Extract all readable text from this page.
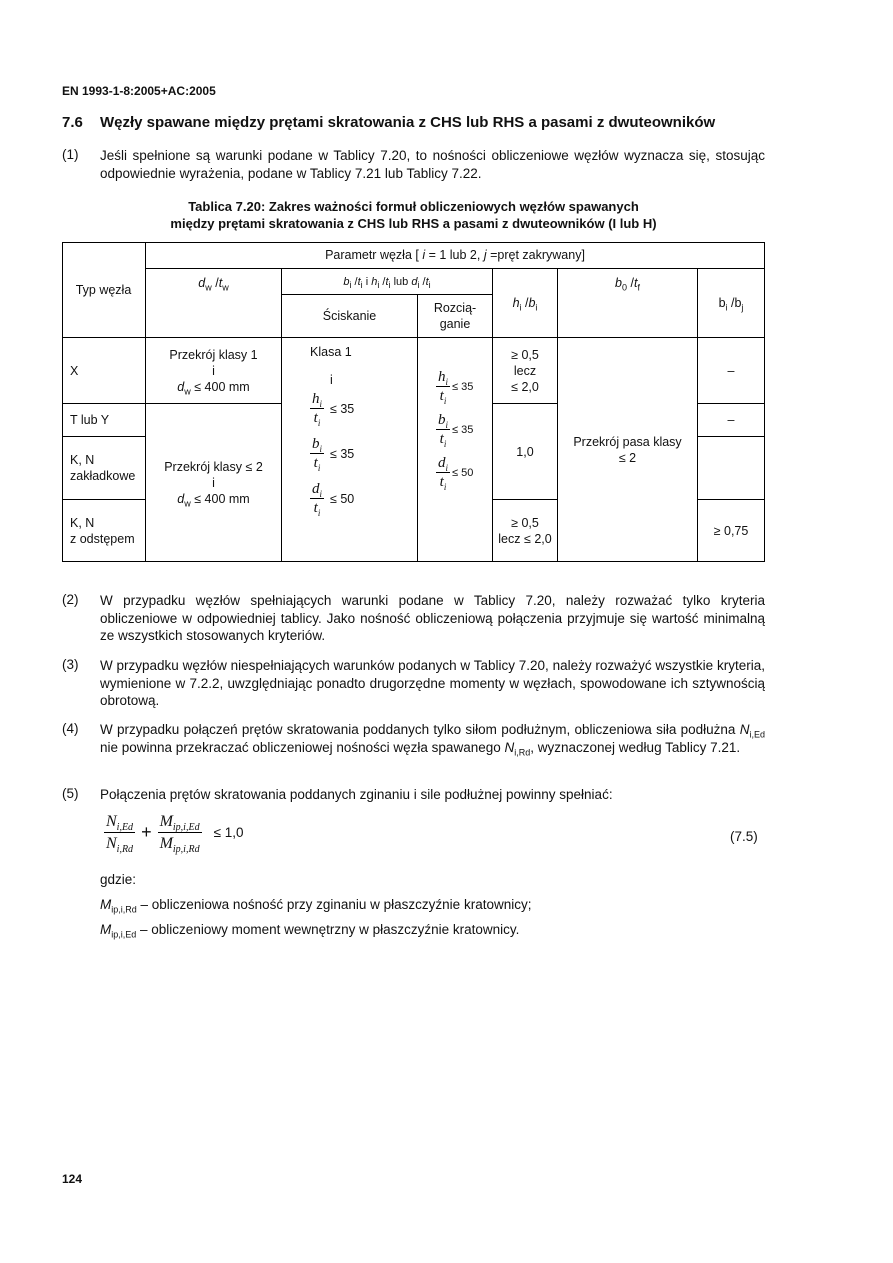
EN 1993-1-8:2005+AC:2005
7.6 Węzły spawane między prętami skratowania z CHS lub RHS a pasami z dwuteowników
(1) Jeśli spełnione są warunki podane w Tablicy 7.20, to nośności obliczeniowe węzłów wyznacza się, stosując odpowiednie wyrażenia, podane w Tablicy 7.21 lub Tablicy 7.22.
Tablica 7.20: Zakres ważności formuł obliczeniowych węzłów spawanych
między prętami skratowania z CHS lub RHS a pasami z dwuteowników (I lub H)
Typ węzła
Parametr węzła [ i = 1 lub 2, j =pręt zakrywany]
$d_w$ $/t_w$	$b_i$ $/t_i$ i $h_i$ $/t_i$ lub $d_i$ $/t_i$
Ściskanie
Rozcią-
ganie
$h_i$ $/b_i$
$b_0$ $/t_f$
$b_i$ $/b_j$
X
T lub Y
K, N
zakładkowe
K, N
z odstępem
Przekrój klasy 1
i
$d_w \le 400$ mm
Przekrój klasy ≤ 2
i
$d_w \le 400$ mm
Klasa 1
i
$\frac{h_i}{t_i} \le 35$
$\frac{b_i}{t_i} \le 35$
$\frac{d_i}{t_i} \le 50$
$\frac{h_i}{t_i} \le 35$
$\frac{b_i}{t_i} \le 35$
$\frac{d_i}{t_i} \le 50$
≥ 0,5
lecz
≤ 2,0
1,0
≥ 0,5
lecz ≤ 2,0
Przekrój pasa klasy
≤ 2
–
–
≥ 0,75
(2) W przypadku węzłów spełniających warunki podane w Tablicy 7.20, należy rozważać tylko kryteria obliczeniowe w odpowiedniej tablicy. Jako nośność obliczeniową połączenia przyjmuje się wartość minimalną ze wszystkich stosowanych kryteriów.
(3) W przypadku węzłów niespełniających warunków podanych w Tablicy 7.20, należy rozważyć wszystkie kryteria, wymienione w 7.2.2, uwzględniając ponadto drugorzędne momenty w węzłach, spowodowane ich sztywnością obrotową.
(4) W przypadku połączeń prętów skratowania poddanych tylko siłom podłużnym, obliczeniowa siła podłużna $N_{i,Ed}$ nie powinna przekraczać obliczeniowej nośności węzła spawanego $N_{i,Rd}$, wyznaczonej według Tablicy 7.21.
(5) Połączenia prętów skratowania poddanych zginaniu i sile podłużnej powinny spełniać:
$\frac{N_{i,Ed}}{N_{i,Rd}} + \frac{M_{ip,i,Ed}}{M_{ip,i,Rd}} \le 1,0$	(7.5)
gdzie:
$M_{ip,i,Rd}$ – obliczeniowa nośność przy zginaniu w płaszczyźnie kratownicy;
$M_{ip,i,Ed}$ – obliczeniowy moment wewnętrzny w płaszczyźnie kratownicy.
124
